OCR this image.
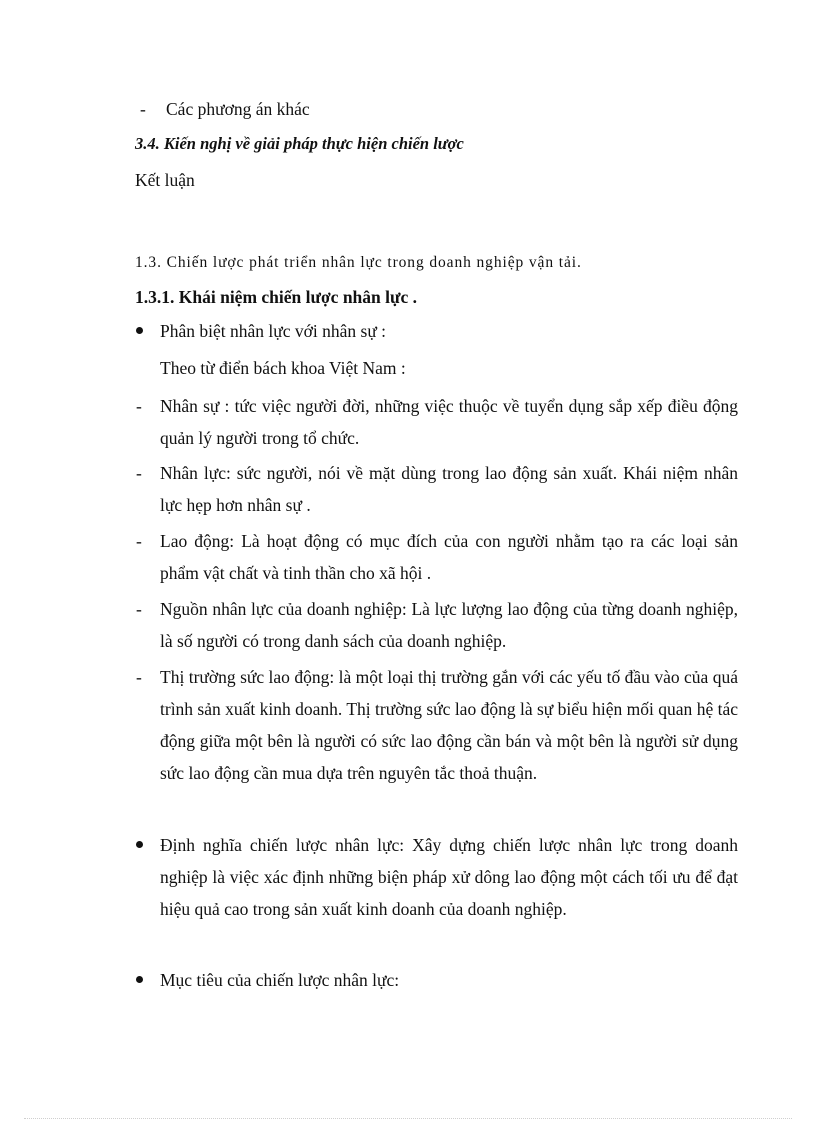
- Các phương án khác
3.4. Kiến nghị về giải pháp thực hiện chiến lược
Kết luận
1.3. Chiến lược phát triển nhân lực trong doanh nghiệp vận tải.
1.3.1. Khái niệm chiến lược nhân lực .
Phân biệt nhân lực với nhân sự :
Theo từ điển bách khoa Việt Nam :
- Nhân sự : tức việc người đời, những việc thuộc về tuyển dụng sắp xếp điều động quản lý người trong tổ chức.
- Nhân lực: sức người, nói về mặt dùng trong lao động sản xuất. Khái niệm nhân lực hẹp hơn nhân sự .
- Lao động: Là hoạt động có mục đích của con người nhằm tạo ra các loại sản phẩm vật chất và tinh thần cho xã hội .
- Nguồn nhân lực của doanh nghiệp: Là lực lượng lao động của từng doanh nghiệp, là số người có trong danh sách của doanh nghiệp.
- Thị trường sức lao động: là một loại thị trường gắn với các yếu tố đầu vào của quá trình sản xuất kinh doanh. Thị trường sức lao động là sự biểu hiện mối quan hệ tác động giữa một bên là người có sức lao động cần bán và một bên là người sử dụng sức lao động cần mua dựa trên nguyên tắc thoả thuận.
Định nghĩa chiến lược nhân lực: Xây dựng chiến lược nhân lực trong doanh nghiệp là việc xác định những biện pháp xử dông lao động một cách tối ưu để đạt hiệu quả cao trong sản xuất kinh doanh của doanh nghiệp.
Mục tiêu của chiến lược nhân lực:
